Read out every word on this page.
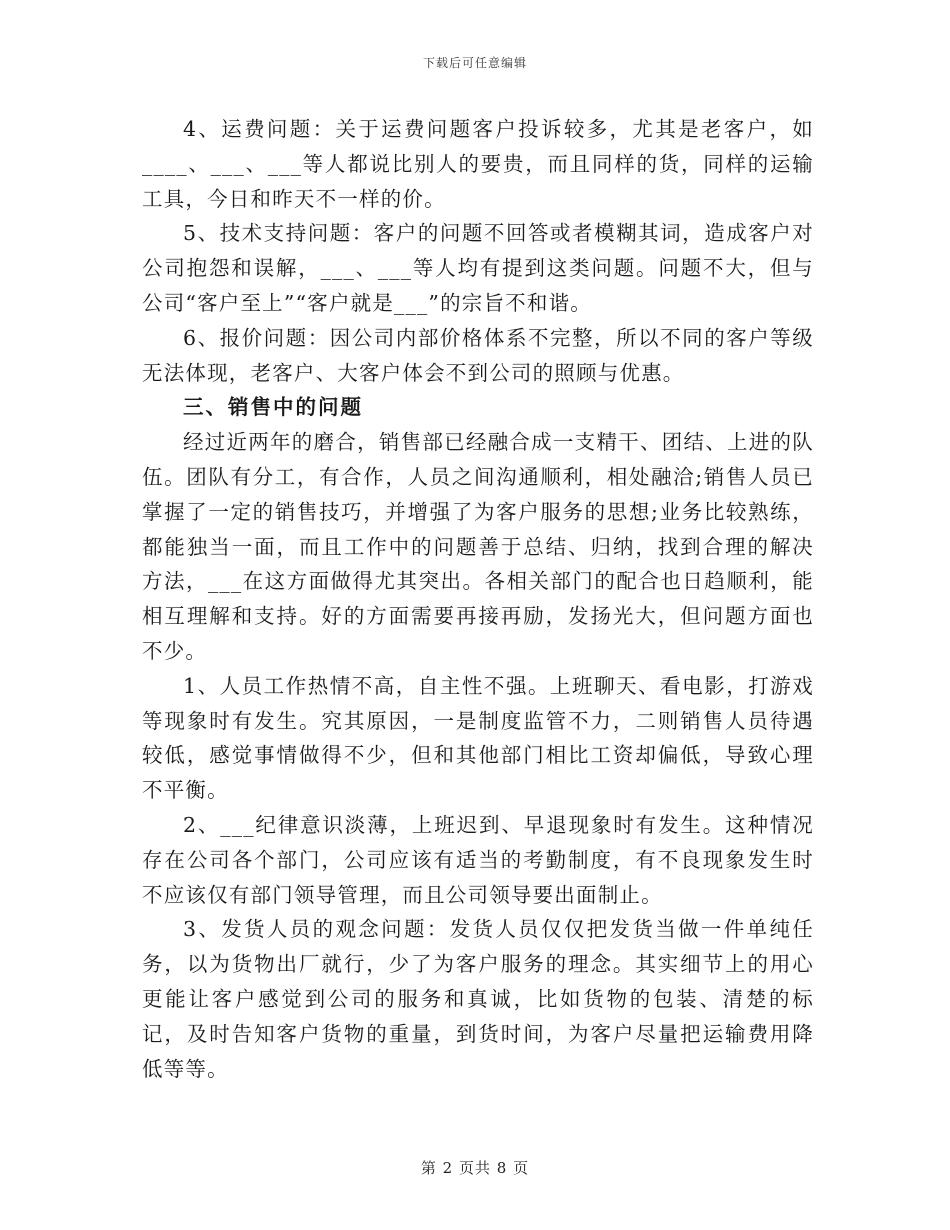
下载后可任意编辑

4、运费问题：关于运费问题客户投诉较多，尤其是老客户，如____、___、___等人都说比别人的要贵，而且同样的货，同样的运输工具，今日和昨天不一样的价。

5、技术支持问题：客户的问题不回答或者模糊其词，造成客户对公司抱怨和误解，___、___等人均有提到这类问题。问题不大，但与公司“客户至上”“客户就是___”的宗旨不和谐。

6、报价问题：因公司内部价格体系不完整，所以不同的客户等级无法体现，老客户、大客户体会不到公司的照顾与优惠。

三、销售中的问题

经过近两年的磨合，销售部已经融合成一支精干、团结、上进的队伍。团队有分工，有合作，人员之间沟通顺利，相处融洽;销售人员已掌握了一定的销售技巧，并增强了为客户服务的思想;业务比较熟练，都能独当一面，而且工作中的问题善于总结、归纳，找到合理的解决方法，___在这方面做得尤其突出。各相关部门的配合也日趋顺利，能相互理解和支持。好的方面需要再接再励，发扬光大，但问题方面也不少。

1、人员工作热情不高，自主性不强。上班聊天、看电影，打游戏等现象时有发生。究其原因，一是制度监管不力，二则销售人员待遇较低，感觉事情做得不少，但和其他部门相比工资却偏低，导致心理不平衡。

2、___纪律意识淡薄，上班迟到、早退现象时有发生。这种情况存在公司各个部门，公司应该有适当的考勤制度，有不良现象发生时不应该仅有部门领导管理，而且公司领导要出面制止。

3、发货人员的观念问题：发货人员仅仅把发货当做一件单纯任务，以为货物出厂就行，少了为客户服务的理念。其实细节上的用心更能让客户感觉到公司的服务和真诚，比如货物的包装、清楚的标记，及时告知客户货物的重量，到货时间，为客户尽量把运输费用降低等等。

第 2 页共 8 页
